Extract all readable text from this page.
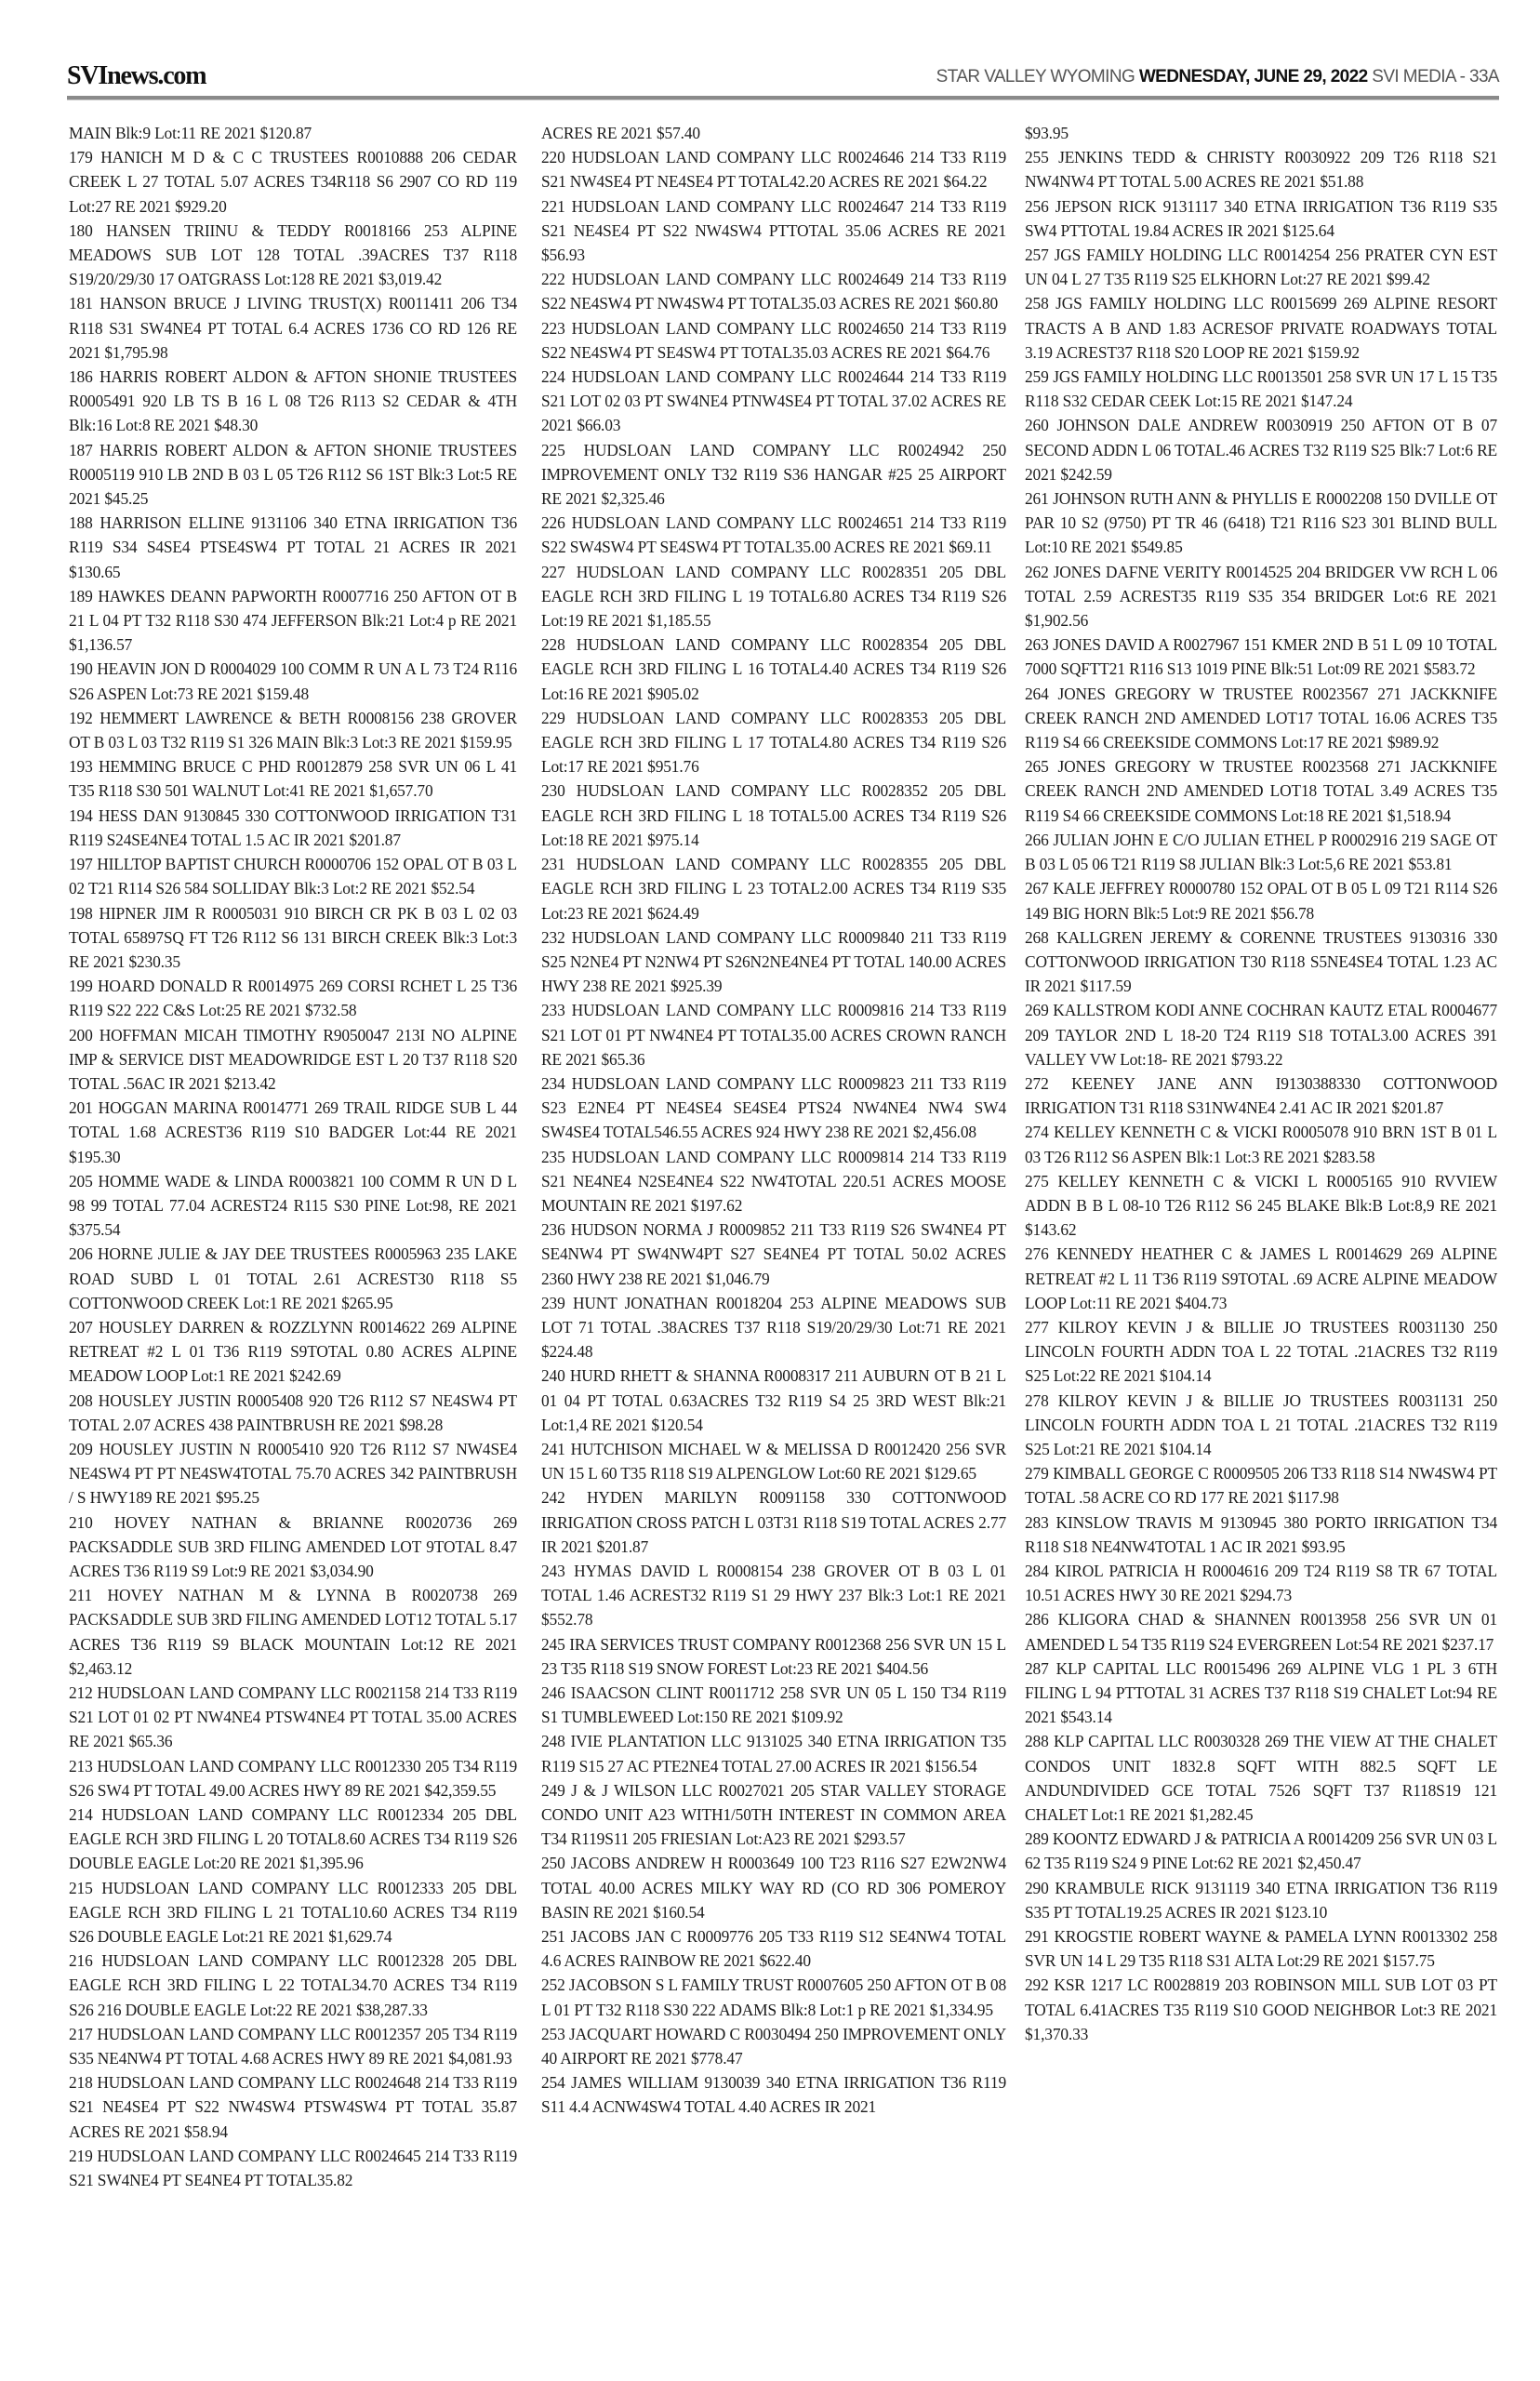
SVInews.com	STAR VALLEY WYOMING WEDNESDAY, JUNE 29, 2022 SVI MEDIA - 33A

MAIN Blk:9 Lot:11 RE 2021 $120.87

179 HANICH M D & C C TRUSTEES R0010888 206 CEDAR CREEK L 27 TOTAL 5.07 ACRES T34R118 S6 2907 CO RD 119 Lot:27 RE 2021 $929.20

180 HANSEN TRIINU & TEDDY R0018166 253 ALPINE MEADOWS SUB LOT 128 TOTAL .39ACRES T37 R118 S19/20/29/30 17 OATGRASS Lot:128 RE 2021 $3,019.42

181 HANSON BRUCE J LIVING TRUST(X) R0011411 206 T34 R118 S31 SW4NE4 PT TOTAL 6.4 ACRES 1736 CO RD 126 RE 2021 $1,795.98

186 HARRIS ROBERT ALDON & AFTON SHONIE TRUSTEES R0005491 920 LB TS B 16 L 08 T26 R113 S2 CEDAR & 4TH Blk:16 Lot:8 RE 2021 $48.30

187 HARRIS ROBERT ALDON & AFTON SHONIE TRUSTEES R0005119 910 LB 2ND B 03 L 05 T26 R112 S6 1ST Blk:3 Lot:5 RE 2021 $45.25

188 HARRISON ELLINE 9131106 340 ETNA IRRIGATION T36 R119 S34 S4SE4 PTSE4SW4 PT TOTAL 21 ACRES IR 2021 $130.65

189 HAWKES DEANN PAPWORTH R0007716 250 AFTON OT B 21 L 04 PT T32 R118 S30 474 JEFFERSON Blk:21 Lot:4 p RE 2021 $1,136.57

190 HEAVIN JON D R0004029 100 COMM R UN A L 73 T24 R116 S26 ASPEN Lot:73 RE 2021 $159.48

192 HEMMERT LAWRENCE & BETH R0008156 238 GROVER OT B 03 L 03 T32 R119 S1 326 MAIN Blk:3 Lot:3 RE 2021 $159.95

193 HEMMING BRUCE C PHD R0012879 258 SVR UN 06 L 41 T35 R118 S30 501 WALNUT Lot:41 RE 2021 $1,657.70

194 HESS DAN 9130845 330 COTTONWOOD IRRIGATION T31 R119 S24SE4NE4 TOTAL 1.5 AC IR 2021 $201.87

197 HILLTOP BAPTIST CHURCH R0000706 152 OPAL OT B 03 L 02 T21 R114 S26 584 SOLLIDAY Blk:3 Lot:2 RE 2021 $52.54

198 HIPNER JIM R R0005031 910 BIRCH CR PK B 03 L 02 03 TOTAL 65897SQ FT T26 R112 S6 131 BIRCH CREEK Blk:3 Lot:3 RE 2021 $230.35

199 HOARD DONALD R R0014975 269 CORSI RCHET L 25 T36 R119 S22 222 C&S Lot:25 RE 2021 $732.58

200 HOFFMAN MICAH TIMOTHY R9050047 213I NO ALPINE IMP & SERVICE DIST MEADOWRIDGE EST L 20 T37 R118 S20 TOTAL .56AC IR 2021 $213.42

201 HOGGAN MARINA R0014771 269 TRAIL RIDGE SUB L 44 TOTAL 1.68 ACREST36 R119 S10 BADGER Lot:44 RE 2021 $195.30

205 HOMME WADE & LINDA R0003821 100 COMM R UN D L 98 99 TOTAL 77.04 ACREST24 R115 S30 PINE Lot:98, RE 2021 $375.54

206 HORNE JULIE & JAY DEE TRUSTEES R0005963 235 LAKE ROAD SUBD L 01 TOTAL 2.61 ACREST30 R118 S5 COTTONWOOD CREEK Lot:1 RE 2021 $265.95

207 HOUSLEY DARREN & ROZZLYNN R0014622 269 ALPINE RETREAT #2 L 01 T36 R119 S9TOTAL 0.80 ACRES ALPINE MEADOW LOOP Lot:1 RE 2021 $242.69

208 HOUSLEY JUSTIN R0005408 920 T26 R112 S7 NE4SW4 PT TOTAL 2.07 ACRES 438 PAINTBRUSH RE 2021 $98.28

209 HOUSLEY JUSTIN N R0005410 920 T26 R112 S7 NW4SE4 NE4SW4 PT PT NE4SW4TOTAL 75.70 ACRES 342 PAINTBRUSH / S HWY189 RE 2021 $95.25

210 HOVEY NATHAN & BRIANNE R0020736 269 PACKSADDLE SUB 3RD FILING AMENDED LOT 9TOTAL 8.47 ACRES T36 R119 S9 Lot:9 RE 2021 $3,034.90

211 HOVEY NATHAN M & LYNNA B R0020738 269 PACKSADDLE SUB 3RD FILING AMENDED LOT12 TOTAL 5.17 ACRES T36 R119 S9 BLACK MOUNTAIN Lot:12 RE 2021 $2,463.12

212 HUDSLOAN LAND COMPANY LLC R0021158 214 T33 R119 S21 LOT 01 02 PT NW4NE4 PTSW4NE4 PT TOTAL 35.00 ACRES RE 2021 $65.36

213 HUDSLOAN LAND COMPANY LLC R0012330 205 T34 R119 S26 SW4 PT TOTAL 49.00 ACRES HWY 89 RE 2021 $42,359.55

214 HUDSLOAN LAND COMPANY LLC R0012334 205 DBL EAGLE RCH 3RD FILING L 20 TOTAL8.60 ACRES T34 R119 S26 DOUBLE EAGLE Lot:20 RE 2021 $1,395.96

215 HUDSLOAN LAND COMPANY LLC R0012333 205 DBL EAGLE RCH 3RD FILING L 21 TOTAL10.60 ACRES T34 R119 S26 DOUBLE EAGLE Lot:21 RE 2021 $1,629.74

216 HUDSLOAN LAND COMPANY LLC R0012328 205 DBL EAGLE RCH 3RD FILING L 22 TOTAL34.70 ACRES T34 R119 S26 216 DOUBLE EAGLE Lot:22 RE 2021 $38,287.33

217 HUDSLOAN LAND COMPANY LLC R0012357 205 T34 R119 S35 NE4NW4 PT TOTAL 4.68 ACRES HWY 89 RE 2021 $4,081.93

218 HUDSLOAN LAND COMPANY LLC R0024648 214 T33 R119 S21 NE4SE4 PT S22 NW4SW4 PTSW4SW4 PT TOTAL 35.87 ACRES RE 2021 $58.94

219 HUDSLOAN LAND COMPANY LLC R0024645 214 T33 R119 S21 SW4NE4 PT SE4NE4 PT TOTAL35.82

ACRES RE 2021 $57.40

220 HUDSLOAN LAND COMPANY LLC R0024646 214 T33 R119 S21 NW4SE4 PT NE4SE4 PT TOTAL42.20 ACRES RE 2021 $64.22

221 HUDSLOAN LAND COMPANY LLC R0024647 214 T33 R119 S21 NE4SE4 PT S22 NW4SW4 PTTOTAL 35.06 ACRES RE 2021 $56.93

222 HUDSLOAN LAND COMPANY LLC R0024649 214 T33 R119 S22 NE4SW4 PT NW4SW4 PT TOTAL35.03 ACRES RE 2021 $60.80

223 HUDSLOAN LAND COMPANY LLC R0024650 214 T33 R119 S22 NE4SW4 PT SE4SW4 PT TOTAL35.03 ACRES RE 2021 $64.76

224 HUDSLOAN LAND COMPANY LLC R0024644 214 T33 R119 S21 LOT 02 03 PT SW4NE4 PTNW4SE4 PT TOTAL 37.02 ACRES RE 2021 $66.03

225 HUDSLOAN LAND COMPANY LLC R0024942 250 IMPROVEMENT ONLY T32 R119 S36 HANGAR #25 25 AIRPORT RE 2021 $2,325.46

226 HUDSLOAN LAND COMPANY LLC R0024651 214 T33 R119 S22 SW4SW4 PT SE4SW4 PT TOTAL35.00 ACRES RE 2021 $69.11

227 HUDSLOAN LAND COMPANY LLC R0028351 205 DBL EAGLE RCH 3RD FILING L 19 TOTAL6.80 ACRES T34 R119 S26 Lot:19 RE 2021 $1,185.55

228 HUDSLOAN LAND COMPANY LLC R0028354 205 DBL EAGLE RCH 3RD FILING L 16 TOTAL4.40 ACRES T34 R119 S26 Lot:16 RE 2021 $905.02

229 HUDSLOAN LAND COMPANY LLC R0028353 205 DBL EAGLE RCH 3RD FILING L 17 TOTAL4.80 ACRES T34 R119 S26 Lot:17 RE 2021 $951.76

230 HUDSLOAN LAND COMPANY LLC R0028352 205 DBL EAGLE RCH 3RD FILING L 18 TOTAL5.00 ACRES T34 R119 S26 Lot:18 RE 2021 $975.14

231 HUDSLOAN LAND COMPANY LLC R0028355 205 DBL EAGLE RCH 3RD FILING L 23 TOTAL2.00 ACRES T34 R119 S35 Lot:23 RE 2021 $624.49

232 HUDSLOAN LAND COMPANY LLC R0009840 211 T33 R119 S25 N2NE4 PT N2NW4 PT S26N2NE4NE4 PT TOTAL 140.00 ACRES HWY 238 RE 2021 $925.39

233 HUDSLOAN LAND COMPANY LLC R0009816 214 T33 R119 S21 LOT 01 PT NW4NE4 PT TOTAL35.00 ACRES CROWN RANCH RE 2021 $65.36

234 HUDSLOAN LAND COMPANY LLC R0009823 211 T33 R119 S23 E2NE4 PT NE4SE4 SE4SE4 PTS24 NW4NE4 NW4 SW4 SW4SE4 TOTAL546.55 ACRES 924 HWY 238 RE 2021 $2,456.08

235 HUDSLOAN LAND COMPANY LLC R0009814 214 T33 R119 S21 NE4NE4 N2SE4NE4 S22 NW4TOTAL 220.51 ACRES MOOSE MOUNTAIN RE 2021 $197.62

236 HUDSON NORMA J R0009852 211 T33 R119 S26 SW4NE4 PT SE4NW4 PT SW4NW4PT S27 SE4NE4 PT TOTAL 50.02 ACRES 2360 HWY 238 RE 2021 $1,046.79

239 HUNT JONATHAN R0018204 253 ALPINE MEADOWS SUB LOT 71 TOTAL .38ACRES T37 R118 S19/20/29/30 Lot:71 RE 2021 $224.48

240 HURD RHETT & SHANNA R0008317 211 AUBURN OT B 21 L 01 04 PT TOTAL 0.63ACRES T32 R119 S4 25 3RD WEST Blk:21 Lot:1,4 RE 2021 $120.54

241 HUTCHISON MICHAEL W & MELISSA D R0012420 256 SVR UN 15 L 60 T35 R118 S19 ALPENGLOW Lot:60 RE 2021 $129.65

242 HYDEN MARILYN R0091158 330 COTTONWOOD IRRIGATION CROSS PATCH L 03T31 R118 S19 TOTAL ACRES 2.77 IR 2021 $201.87

243 HYMAS DAVID L R0008154 238 GROVER OT B 03 L 01 TOTAL 1.46 ACREST32 R119 S1 29 HWY 237 Blk:3 Lot:1 RE 2021 $552.78

245 IRA SERVICES TRUST COMPANY R0012368 256 SVR UN 15 L 23 T35 R118 S19 SNOW FOREST Lot:23 RE 2021 $404.56

246 ISAACSON CLINT R0011712 258 SVR UN 05 L 150 T34 R119 S1 TUMBLEWEED Lot:150 RE 2021 $109.92

248 IVIE PLANTATION LLC 9131025 340 ETNA IRRIGATION T35 R119 S15 27 AC PTE2NE4 TOTAL 27.00 ACRES IR 2021 $156.54

249 J & J WILSON LLC R0027021 205 STAR VALLEY STORAGE CONDO UNIT A23 WITH1/50TH INTEREST IN COMMON AREA T34 R119S11 205 FRIESIAN Lot:A23 RE 2021 $293.57

250 JACOBS ANDREW H R0003649 100 T23 R116 S27 E2W2NW4 TOTAL 40.00 ACRES MILKY WAY RD (CO RD 306 POMEROY BASIN RE 2021 $160.54

251 JACOBS JAN C R0009776 205 T33 R119 S12 SE4NW4 TOTAL 4.6 ACRES RAINBOW RE 2021 $622.40

252 JACOBSON S L FAMILY TRUST R0007605 250 AFTON OT B 08 L 01 PT T32 R118 S30 222 ADAMS Blk:8 Lot:1 p RE 2021 $1,334.95

253 JACQUART HOWARD C R0030494 250 IMPROVEMENT ONLY 40 AIRPORT RE 2021 $778.47

254 JAMES WILLIAM 9130039 340 ETNA IRRIGATION T36 R119 S11 4.4 ACNW4SW4 TOTAL 4.40 ACRES IR 2021

$93.95

255 JENKINS TEDD & CHRISTY R0030922 209 T26 R118 S21 NW4NW4 PT TOTAL 5.00 ACRES RE 2021 $51.88

256 JEPSON RICK 9131117 340 ETNA IRRIGATION T36 R119 S35 SW4 PTTOTAL 19.84 ACRES IR 2021 $125.64

257 JGS FAMILY HOLDING LLC R0014254 256 PRATER CYN EST UN 04 L 27 T35 R119 S25 ELKHORN Lot:27 RE 2021 $99.42

258 JGS FAMILY HOLDING LLC R0015699 269 ALPINE RESORT TRACTS A B AND 1.83 ACRESOF PRIVATE ROADWAYS TOTAL 3.19 ACREST37 R118 S20 LOOP RE 2021 $159.92

259 JGS FAMILY HOLDING LLC R0013501 258 SVR UN 17 L 15 T35 R118 S32 CEDAR CEEK Lot:15 RE 2021 $147.24

260 JOHNSON DALE ANDREW R0030919 250 AFTON OT B 07 SECOND ADDN L 06 TOTAL.46 ACRES T32 R119 S25 Blk:7 Lot:6 RE 2021 $242.59

261 JOHNSON RUTH ANN & PHYLLIS E R0002208 150 DVILLE OT PAR 10 S2 (9750) PT TR 46 (6418) T21 R116 S23 301 BLIND BULL Lot:10 RE 2021 $549.85

262 JONES DAFNE VERITY R0014525 204 BRIDGER VW RCH L 06 TOTAL 2.59 ACREST35 R119 S35 354 BRIDGER Lot:6 RE 2021 $1,902.56

263 JONES DAVID A R0027967 151 KMER 2ND B 51 L 09 10 TOTAL 7000 SQFTT21 R116 S13 1019 PINE Blk:51 Lot:09 RE 2021 $583.72

264 JONES GREGORY W TRUSTEE R0023567 271 JACKKNIFE CREEK RANCH 2ND AMENDED LOT17 TOTAL 16.06 ACRES T35 R119 S4 66 CREEKSIDE COMMONS Lot:17 RE 2021 $989.92

265 JONES GREGORY W TRUSTEE R0023568 271 JACKKNIFE CREEK RANCH 2ND AMENDED LOT18 TOTAL 3.49 ACRES T35 R119 S4 66 CREEKSIDE COMMONS Lot:18 RE 2021 $1,518.94

266 JULIAN JOHN E C/O JULIAN ETHEL P R0002916 219 SAGE OT B 03 L 05 06 T21 R119 S8 JULIAN Blk:3 Lot:5,6 RE 2021 $53.81

267 KALE JEFFREY R0000780 152 OPAL OT B 05 L 09 T21 R114 S26 149 BIG HORN Blk:5 Lot:9 RE 2021 $56.78

268 KALLGREN JEREMY & CORENNE TRUSTEES 9130316 330 COTTONWOOD IRRIGATION T30 R118 S5NE4SE4 TOTAL 1.23 AC IR 2021 $117.59

269 KALLSTROM KODI ANNE COCHRAN KAUTZ ETAL R0004677 209 TAYLOR 2ND L 18-20 T24 R119 S18 TOTAL3.00 ACRES 391 VALLEY VW Lot:18- RE 2021 $793.22

272 KEENEY JANE ANN I9130388330 COTTONWOOD IRRIGATION T31 R118 S31NW4NE4 2.41 AC IR 2021 $201.87

274 KELLEY KENNETH C & VICKI R0005078 910 BRN 1ST B 01 L 03 T26 R112 S6 ASPEN Blk:1 Lot:3 RE 2021 $283.58

275 KELLEY KENNETH C & VICKI L R0005165 910 RVVIEW ADDN B B L 08-10 T26 R112 S6 245 BLAKE Blk:B Lot:8,9 RE 2021 $143.62

276 KENNEDY HEATHER C & JAMES L R0014629 269 ALPINE RETREAT #2 L 11 T36 R119 S9TOTAL .69 ACRE ALPINE MEADOW LOOP Lot:11 RE 2021 $404.73

277 KILROY KEVIN J & BILLIE JO TRUSTEES R0031130 250 LINCOLN FOURTH ADDN TOA L 22 TOTAL .21ACRES T32 R119 S25 Lot:22 RE 2021 $104.14

278 KILROY KEVIN J & BILLIE JO TRUSTEES R0031131 250 LINCOLN FOURTH ADDN TOA L 21 TOTAL .21ACRES T32 R119 S25 Lot:21 RE 2021 $104.14

279 KIMBALL GEORGE C R0009505 206 T33 R118 S14 NW4SW4 PT TOTAL .58 ACRE CO RD 177 RE 2021 $117.98

283 KINSLOW TRAVIS M 9130945 380 PORTO IRRIGATION T34 R118 S18 NE4NW4TOTAL 1 AC IR 2021 $93.95

284 KIROL PATRICIA H R0004616 209 T24 R119 S8 TR 67 TOTAL 10.51 ACRES HWY 30 RE 2021 $294.73

286 KLIGORA CHAD & SHANNEN R0013958 256 SVR UN 01 AMENDED L 54 T35 R119 S24 EVERGREEN Lot:54 RE 2021 $237.17

287 KLP CAPITAL LLC R0015496 269 ALPINE VLG 1 PL 3 6TH FILING L 94 PTTOTAL 31 ACRES T37 R118 S19 CHALET Lot:94 RE 2021 $543.14

288 KLP CAPITAL LLC R0030328 269 THE VIEW AT THE CHALET CONDOS UNIT 1832.8 SQFT WITH 882.5 SQFT LE ANDUNDIVIDED GCE TOTAL 7526 SQFT T37 R118S19 121 CHALET Lot:1 RE 2021 $1,282.45

289 KOONTZ EDWARD J & PATRICIA A R0014209 256 SVR UN 03 L 62 T35 R119 S24 9 PINE Lot:62 RE 2021 $2,450.47

290 KRAMBULE RICK 9131119 340 ETNA IRRIGATION T36 R119 S35 PT TOTAL19.25 ACRES IR 2021 $123.10

291 KROGSTIE ROBERT WAYNE & PAMELA LYNN R0013302 258 SVR UN 14 L 29 T35 R118 S31 ALTA Lot:29 RE 2021 $157.75

292 KSR 1217 LC R0028819 203 ROBINSON MILL SUB LOT 03 PT TOTAL 6.41ACRES T35 R119 S10 GOOD NEIGHBOR Lot:3 RE 2021 $1,370.33
